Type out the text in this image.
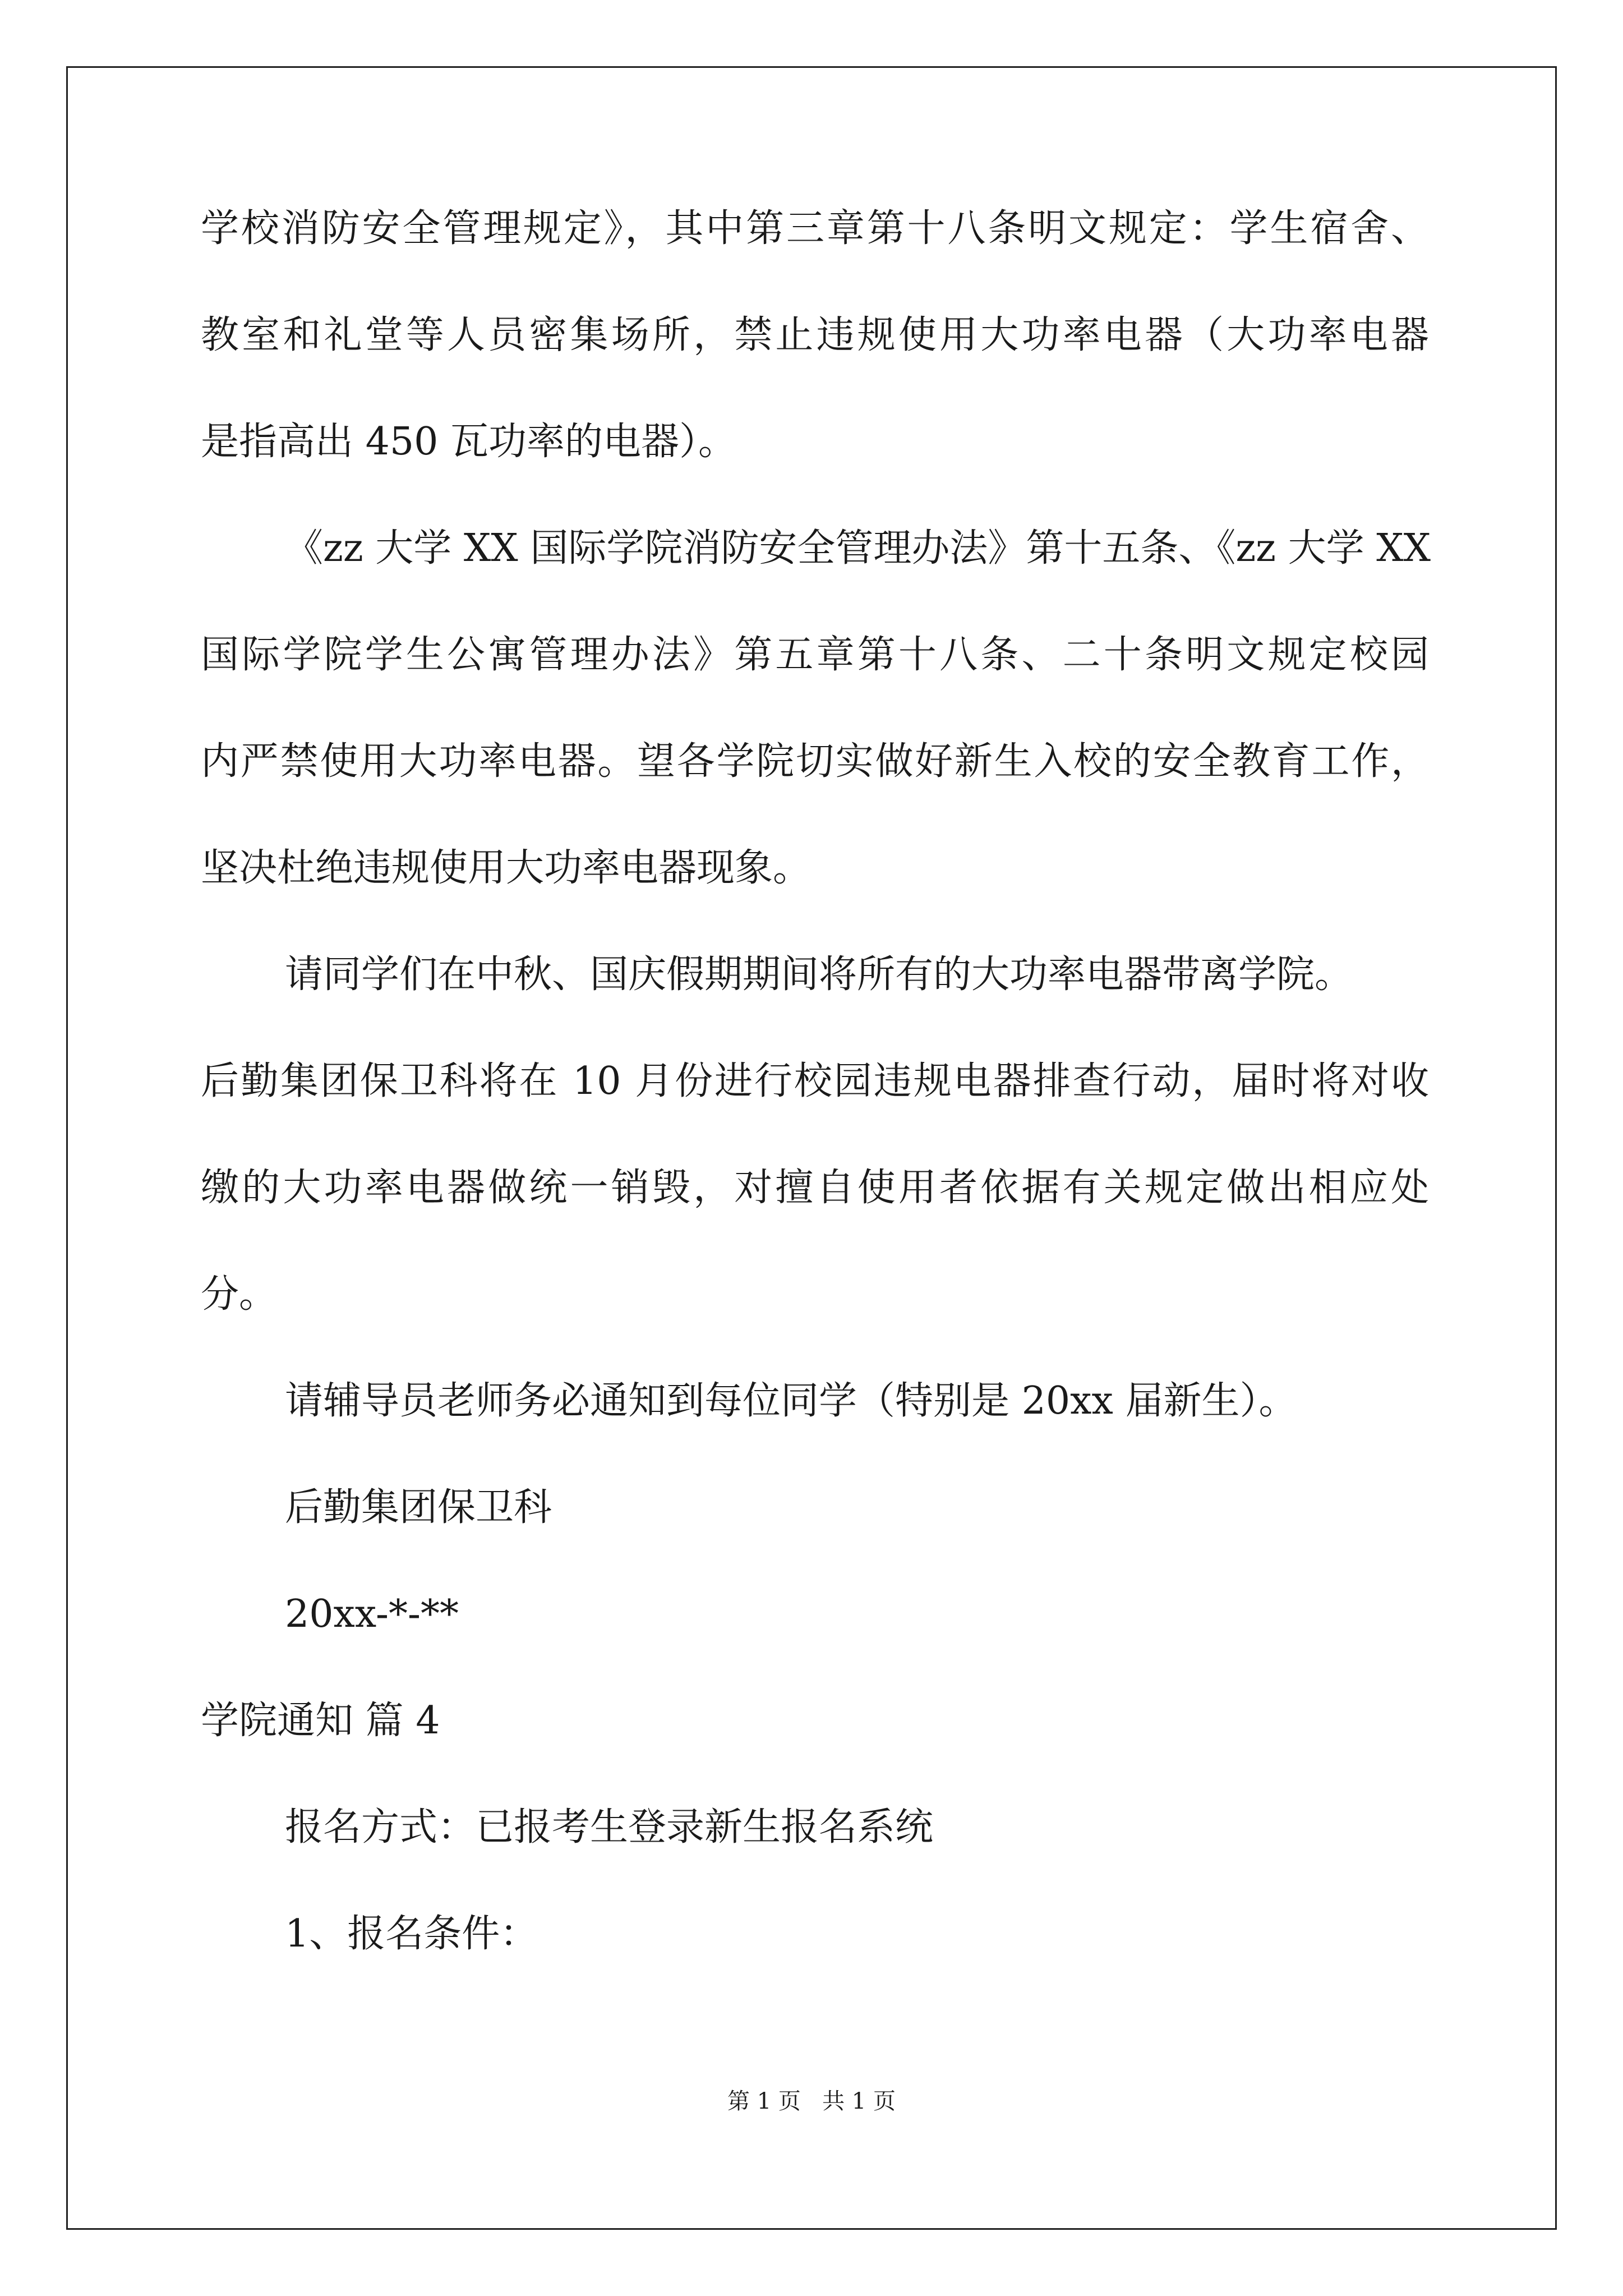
学校消防安全管理规定》，其中第三章第十八条明文规定：学生宿舍、
教室和礼堂等人员密集场所，禁止违规使用大功率电器（大功率电器
是指高出 450 瓦功率的电器）。
《zz 大学 XX 国际学院消防安全管理办法》第十五条、《zz 大学 XX
国际学院学生公寓管理办法》第五章第十八条、二十条明文规定校园
内严禁使用大功率电器。望各学院切实做好新生入校的安全教育工作，
坚决杜绝违规使用大功率电器现象。
请同学们在中秋、国庆假期期间将所有的大功率电器带离学院。
后勤集团保卫科将在 10 月份进行校园违规电器排查行动，届时将对收
缴的大功率电器做统一销毁，对擅自使用者依据有关规定做出相应处
分。
请辅导员老师务必通知到每位同学（特别是 20xx 届新生）。
后勤集团保卫科
20xx-*-**
学院通知 篇 4
报名方式：已报考生登录新生报名系统
1、报名条件：
第 1 页   共 1 页
